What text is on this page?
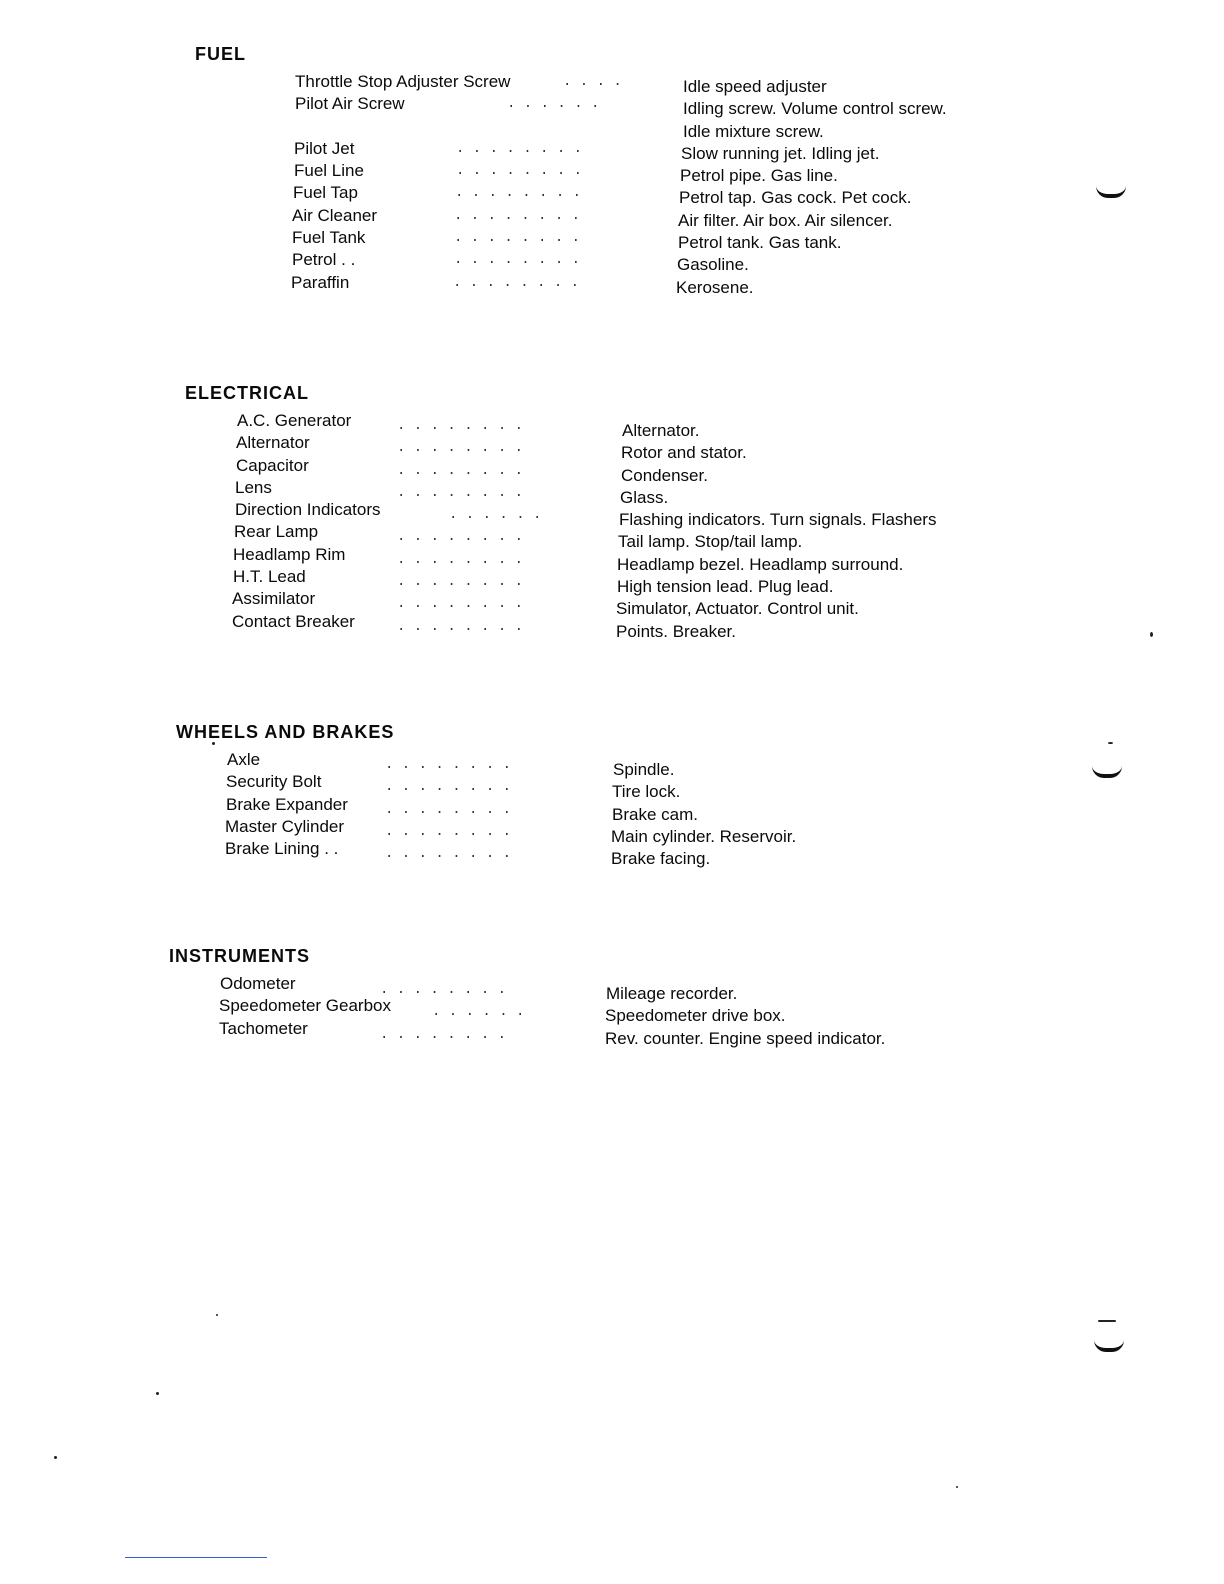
FUEL
Throttle Stop Adjuster Screw	. . . .	Idle speed adjuster
Pilot Air Screw	. . . . . .	Idling screw. Volume control screw.
Idle mixture screw.
Pilot Jet	. . . . . . . .	Slow running jet. Idling jet.
Fuel Line	. . . . . . . .	Petrol pipe. Gas line.
Fuel Tap	. . . . . . . .	Petrol tap. Gas cock. Pet cock.
Air Cleaner	. . . . . . . .	Air filter. Air box. Air silencer.
Fuel Tank	. . . . . . . .	Petrol tank. Gas tank.
Petrol . .	. . . . . . . .	Gasoline.
Paraffin	. . . . . . . .	Kerosene.
ELECTRICAL
A.C. Generator	. . . . . . . .	Alternator.
Alternator	. . . . . . . .	Rotor and stator.
Capacitor	. . . . . . . .	Condenser.
Lens	. . . . . . . .	Glass.
Direction Indicators	. . . . . .	Flashing indicators. Turn signals. Flashers
Rear Lamp	. . . . . . . .	Tail lamp. Stop/tail lamp.
Headlamp Rim	. . . . . . . .	Headlamp bezel. Headlamp surround.
H.T. Lead	. . . . . . . .	High tension lead. Plug lead.
Assimilator	. . . . . . . .	Simulator, Actuator. Control unit.
Contact Breaker	. . . . . . . .	Points. Breaker.
WHEELS AND BRAKES
Axle	. . . . . . . .	Spindle.
Security Bolt	. . . . . . . .	Tire lock.
Brake Expander	. . . . . . . .	Brake cam.
Master Cylinder	. . . . . . . .	Main cylinder. Reservoir.
Brake Lining . .	. . . . . . . .	Brake facing.
INSTRUMENTS
Odometer	. . . . . . . .	Mileage recorder.
Speedometer Gearbox	. . . . . .	Speedometer drive box.
Tachometer	. . . . . . . .	Rev. counter. Engine speed indicator.
